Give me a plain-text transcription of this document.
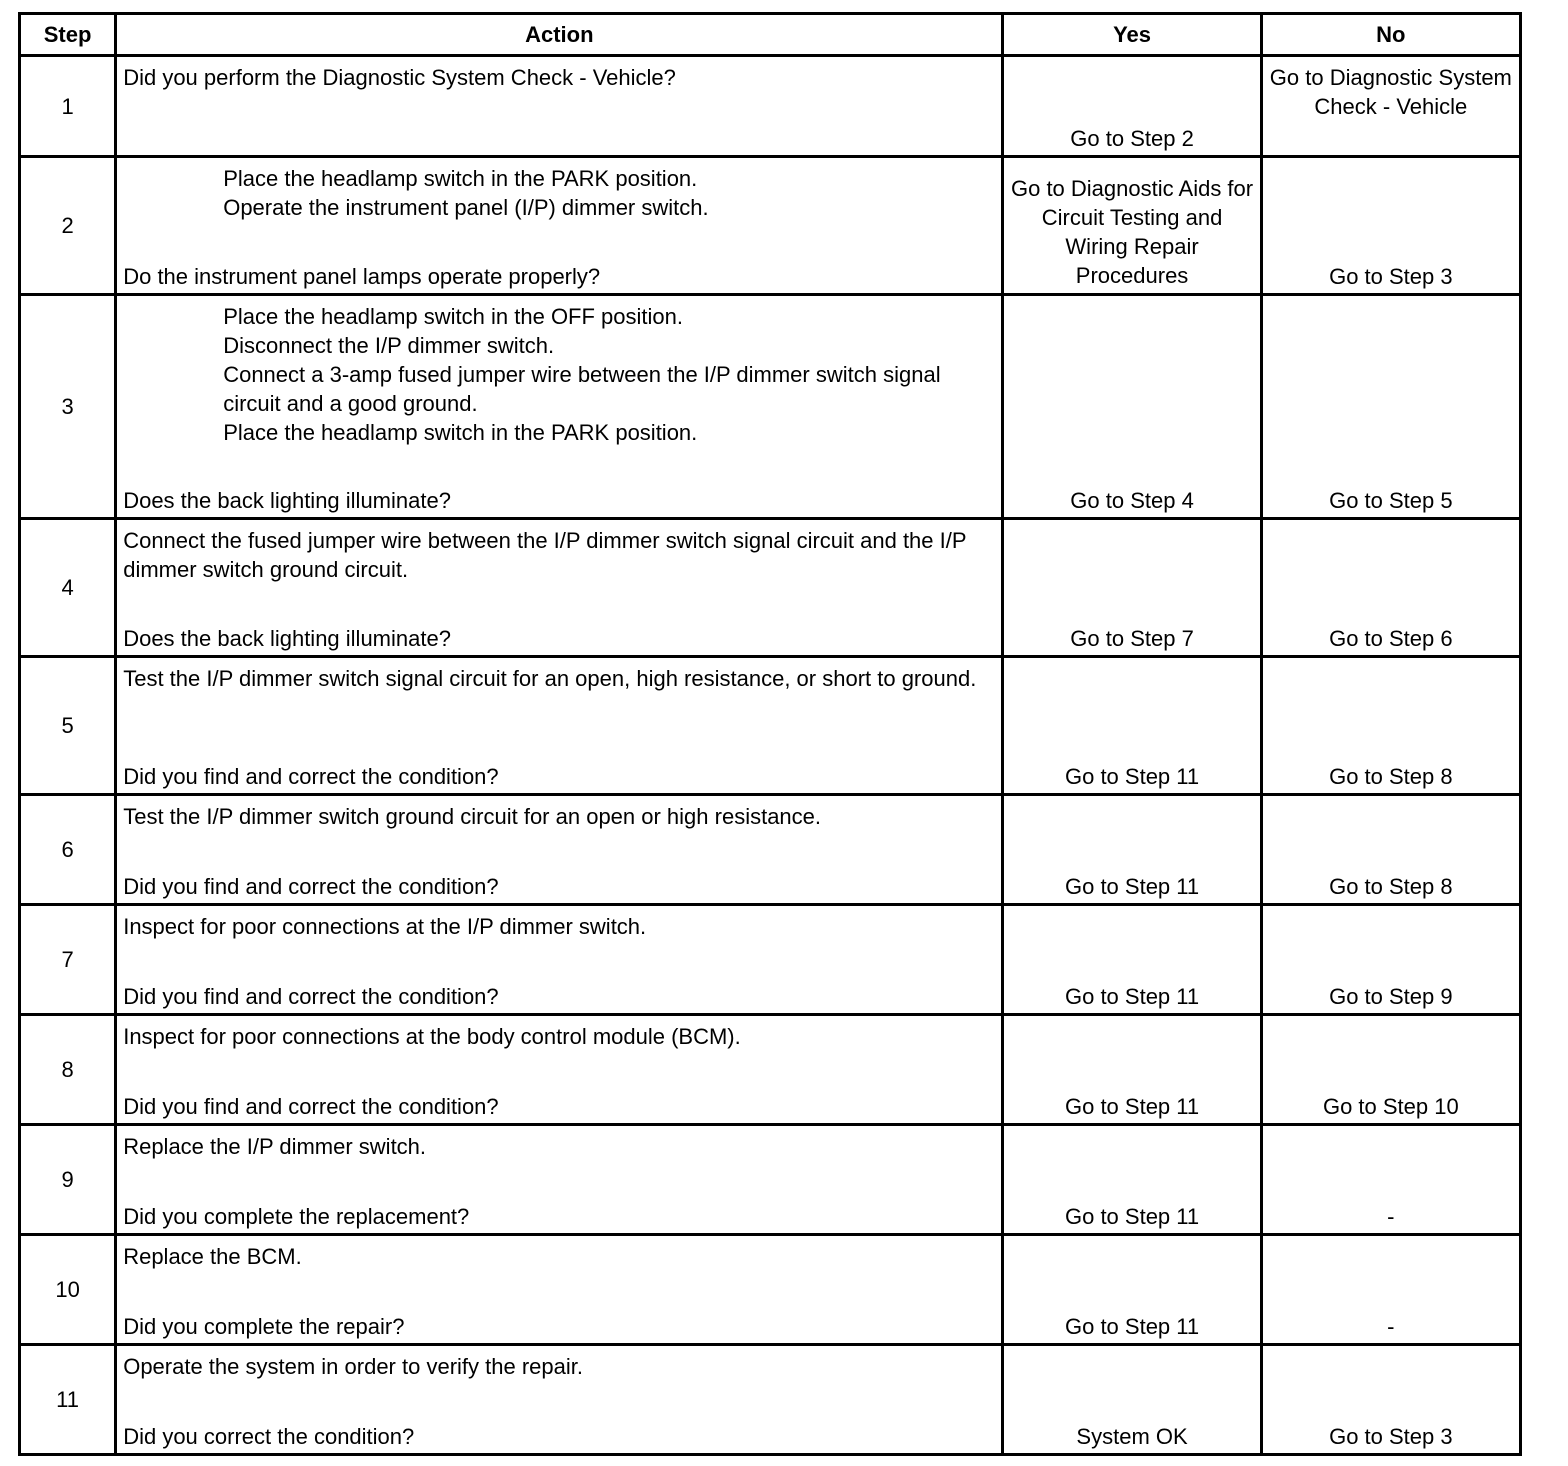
Step	Action	Yes	No
1	Did you perform the Diagnostic System Check - Vehicle?	Go to Step 2	Go to Diagnostic System Check - Vehicle
2	Place the headlamp switch in the PARK position.
Operate the instrument panel (I/P) dimmer switch.
Do the instrument panel lamps operate properly?	Go to Diagnostic Aids for Circuit Testing and Wiring Repair Procedures	Go to Step 3
3	Place the headlamp switch in the OFF position.
Disconnect the I/P dimmer switch.
Connect a 3-amp fused jumper wire between the I/P dimmer switch signal circuit and a good ground.
Place the headlamp switch in the PARK position.
Does the back lighting illuminate?	Go to Step 4	Go to Step 5
4	Connect the fused jumper wire between the I/P dimmer switch signal circuit and the I/P dimmer switch ground circuit.
Does the back lighting illuminate?	Go to Step 7	Go to Step 6
5	Test the I/P dimmer switch signal circuit for an open, high resistance, or short to ground.
Did you find and correct the condition?	Go to Step 11	Go to Step 8
6	Test the I/P dimmer switch ground circuit for an open or high resistance.
Did you find and correct the condition?	Go to Step 11	Go to Step 8
7	Inspect for poor connections at the I/P dimmer switch.
Did you find and correct the condition?	Go to Step 11	Go to Step 9
8	Inspect for poor connections at the body control module (BCM).
Did you find and correct the condition?	Go to Step 11	Go to Step 10
9	Replace the I/P dimmer switch.
Did you complete the replacement?	Go to Step 11	-
10	Replace the BCM.
Did you complete the repair?	Go to Step 11	-
11	Operate the system in order to verify the repair.
Did you correct the condition?	System OK	Go to Step 3
